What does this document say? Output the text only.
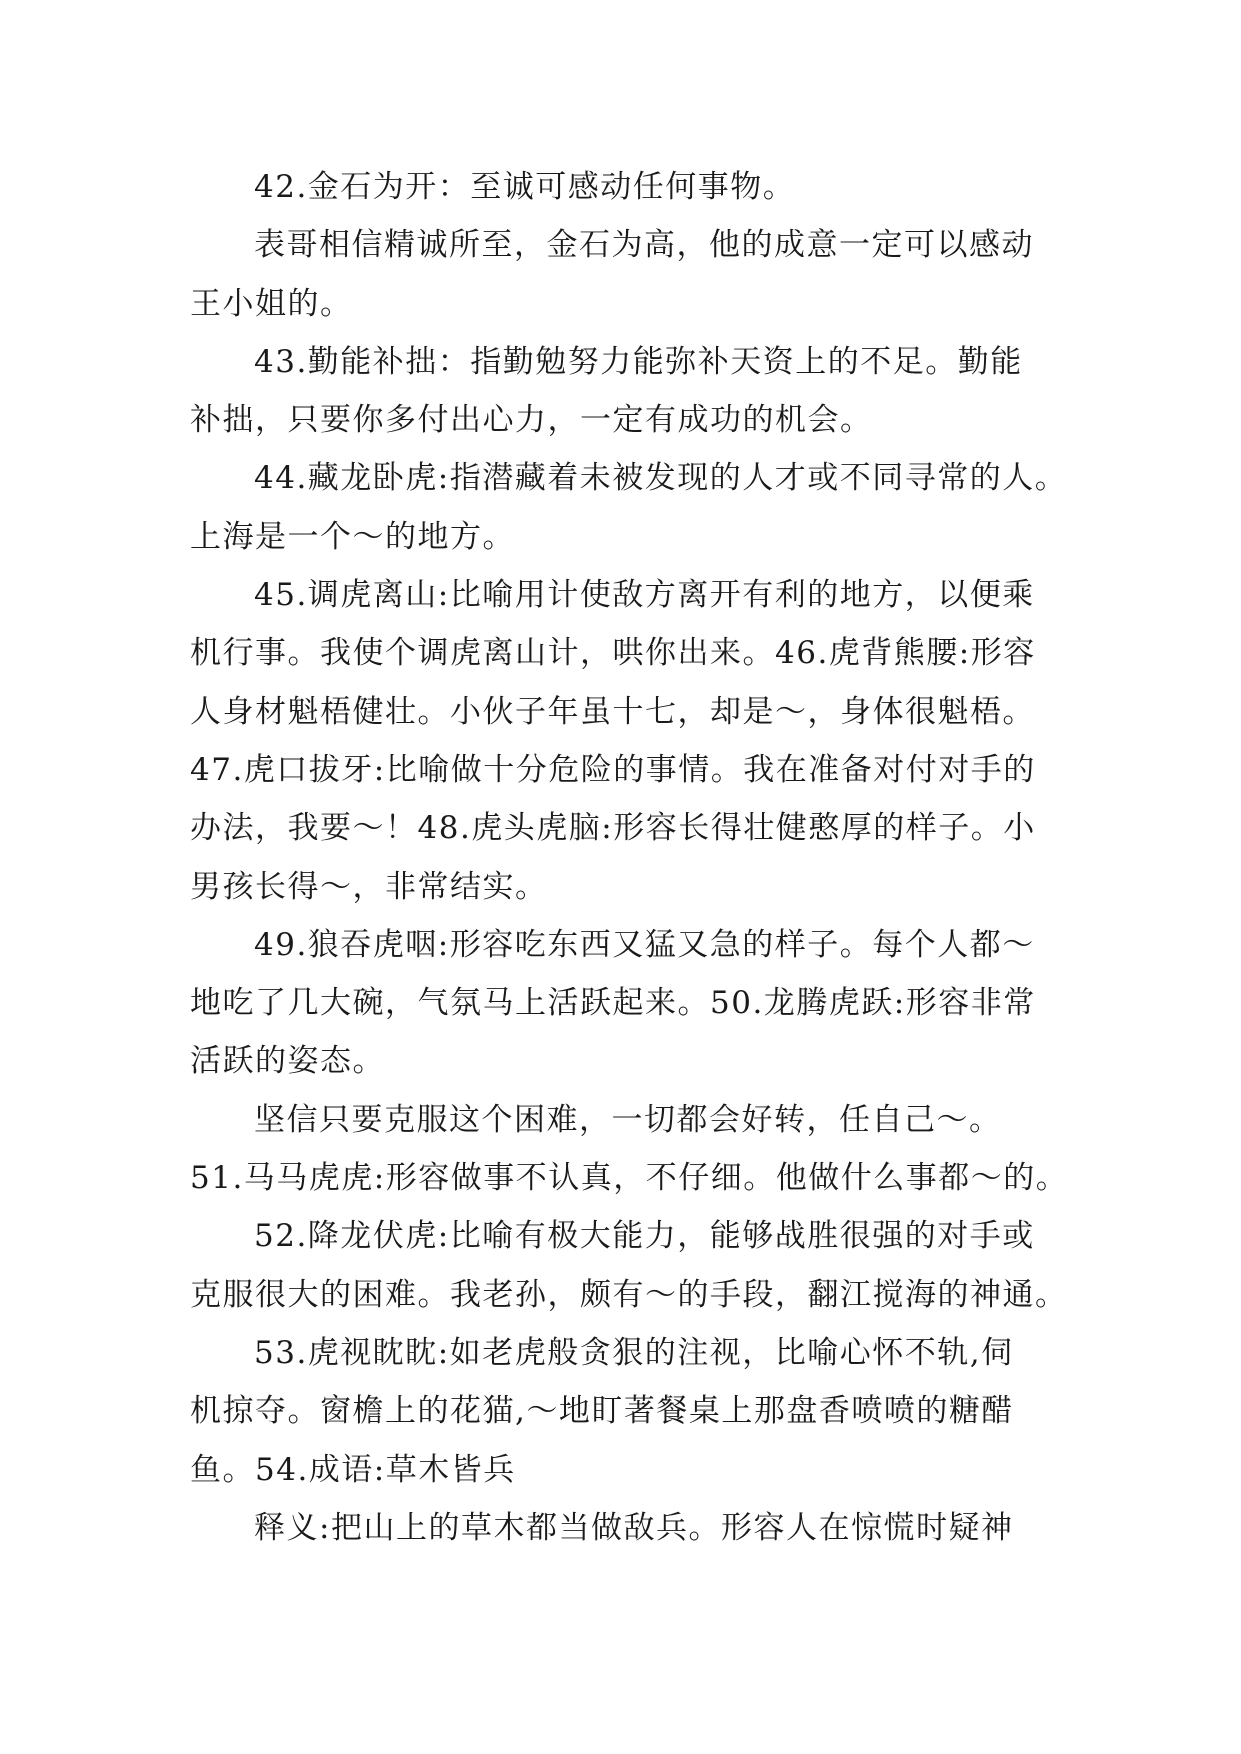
42.金石为开：至诚可感动任何事物。
表哥相信精诚所至，金石为高，他的成意一定可以感动
王小姐的。
43.勤能补拙：指勤勉努力能弥补天资上的不足。勤能
补拙，只要你多付出心力，一定有成功的机会。
44.藏龙卧虎:指潜藏着未被发现的人才或不同寻常的人。
上海是一个～的地方。
45.调虎离山:比喻用计使敌方离开有利的地方，以便乘
机行事。我使个调虎离山计，哄你出来。46.虎背熊腰:形容
人身材魁梧健壮。小伙子年虽十七，却是～，身体很魁梧。
47.虎口拔牙:比喻做十分危险的事情。我在准备对付对手的
办法，我要～！48.虎头虎脑:形容长得壮健憨厚的样子。小
男孩长得～，非常结实。
49.狼吞虎咽:形容吃东西又猛又急的样子。每个人都～
地吃了几大碗，气氛马上活跃起来。50.龙腾虎跃:形容非常
活跃的姿态。
坚信只要克服这个困难，一切都会好转，任自己～。
51.马马虎虎:形容做事不认真，不仔细。他做什么事都～的。
52.降龙伏虎:比喻有极大能力，能够战胜很强的对手或
克服很大的困难。我老孙，颇有～的手段，翻江搅海的神通。
53.虎视眈眈:如老虎般贪狠的注视，比喻心怀不轨,伺
机掠夺。窗檐上的花猫,～地盯著餐桌上那盘香喷喷的糖醋
鱼。54.成语:草木皆兵
释义:把山上的草木都当做敌兵。形容人在惊慌时疑神
